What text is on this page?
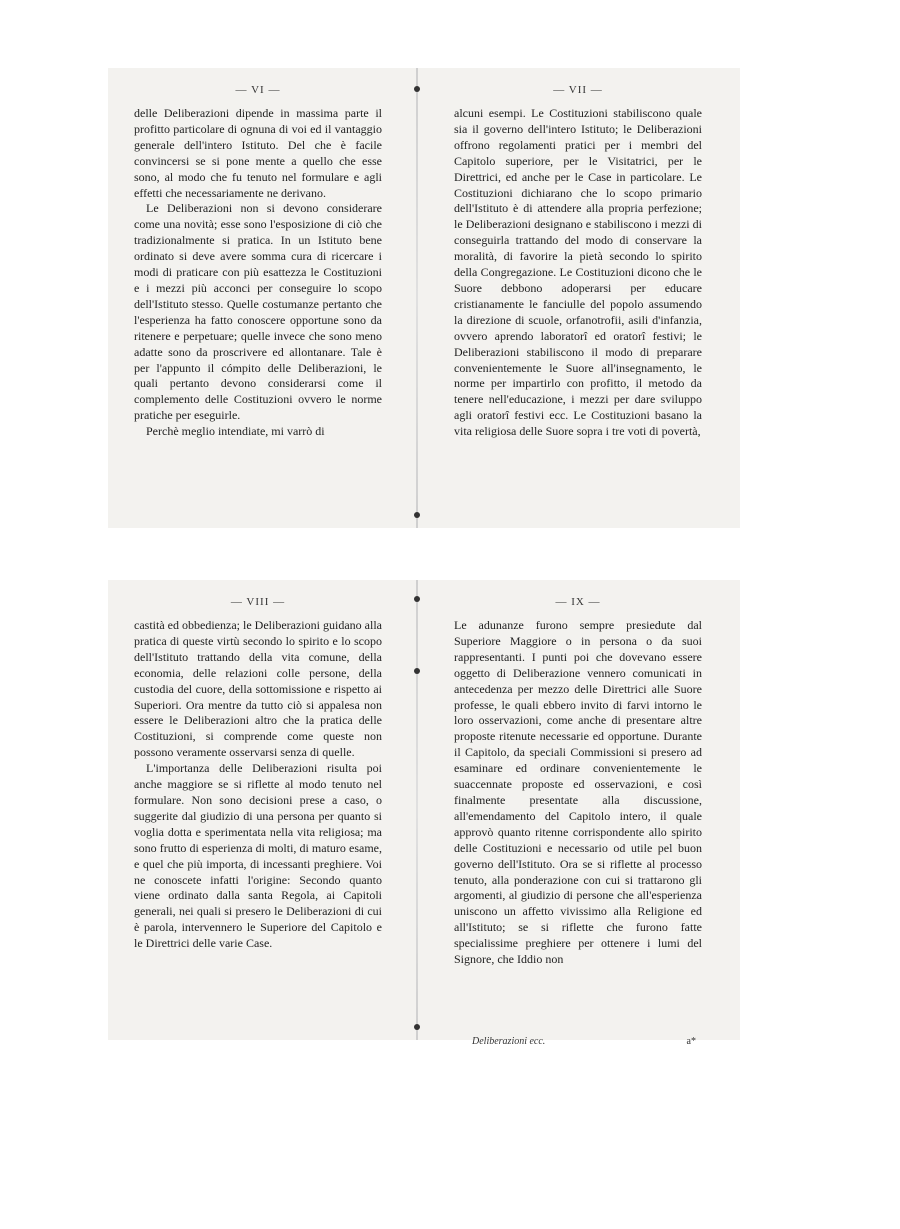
— VI —

delle Deliberazioni dipende in massima parte il profitto particolare di ognuna di voi ed il vantaggio generale dell'intero Istituto. Del che è facile convincersi se si pone mente a quello che esse sono, al modo che fu tenuto nel formulare e agli effetti che necessariamente ne derivano.

Le Deliberazioni non si devono considerare come una novità; esse sono l'esposizione di ciò che tradizionalmente si pratica. In un Istituto bene ordinato si deve avere somma cura di ricercare i modi di praticare con più esattezza le Costituzioni e i mezzi più acconci per conseguire lo scopo dell'Istituto stesso. Quelle costumanze pertanto che l'esperienza ha fatto conoscere opportune sono da ritenere e perpetuare; quelle invece che sono meno adatte sono da proscrivere ed allontanare. Tale è per l'appunto il cómpito delle Deliberazioni, le quali pertanto devono considerarsi come il complemento delle Costituzioni ovvero le norme pratiche per eseguirle.

Perchè meglio intendiate, mi varrò di

— VII —

alcuni esempi. Le Costituzioni stabiliscono quale sia il governo dell'intero Istituto; le Deliberazioni offrono regolamenti pratici per i membri del Capitolo superiore, per le Visitatrici, per le Direttrici, ed anche per le Case in particolare. Le Costituzioni dichiarano che lo scopo primario dell'Istituto è di attendere alla propria perfezione; le Deliberazioni designano e stabiliscono i mezzi di conseguirla trattando del modo di conservare la moralità, di favorire la pietà secondo lo spirito della Congregazione. Le Costituzioni dicono che le Suore debbono adoperarsi per educare cristianamente le fanciulle del popolo assumendo la direzione di scuole, orfanotrofii, asili d'infanzia, ovvero aprendo laboratorî ed oratorî festivi; le Deliberazioni stabiliscono il modo di preparare convenientemente le Suore all'insegnamento, le norme per impartirlo con profitto, il metodo da tenere nell'educazione, i mezzi per dare sviluppo agli oratorî festivi ecc. Le Costituzioni basano la vita religiosa delle Suore sopra i tre voti di povertà,

— VIII —

castità ed obbedienza; le Deliberazioni guidano alla pratica di queste virtù secondo lo spirito e lo scopo dell'Istituto trattando della vita comune, della economia, delle relazioni colle persone, della custodia del cuore, della sottomissione e rispetto ai Superiori. Ora mentre da tutto ciò si appalesa non essere le Deliberazioni altro che la pratica delle Costituzioni, si comprende come queste non possono veramente osservarsi senza di quelle.

L'importanza delle Deliberazioni risulta poi anche maggiore se si riflette al modo tenuto nel formulare. Non sono decisioni prese a caso, o suggerite dal giudizio di una persona per quanto si voglia dotta e sperimentata nella vita religiosa; ma sono frutto di esperienza di molti, di maturo esame, e quel che più importa, di incessanti preghiere. Voi ne conoscete infatti l'origine: Secondo quanto viene ordinato dalla santa Regola, ai Capitoli generali, nei quali si presero le Deliberazioni di cui è parola, intervennero le Superiore del Capitolo e le Direttrici delle varie Case.

— IX —

Le adunanze furono sempre presiedute dal Superiore Maggiore o in persona o da suoi rappresentanti. I punti poi che dovevano essere oggetto di Deliberazione vennero comunicati in antecedenza per mezzo delle Direttrici alle Suore professe, le quali ebbero invito di farvi intorno le loro osservazioni, come anche di presentare altre proposte ritenute necessarie ed opportune. Durante il Capitolo, da speciali Commissioni si presero ad esaminare ed ordinare convenientemente le suaccennate proposte ed osservazioni, e così finalmente presentate alla discussione, all'emendamento del Capitolo intero, il quale approvò quanto ritenne corrispondente allo spirito delle Costituzioni e necessario od utile pel buon governo dell'Istituto. Ora se si riflette al processo tenuto, alla ponderazione con cui si trattarono gli argomenti, al giudizio di persone che all'esperienza uniscono un affetto vivissimo alla Religione ed all'Istituto; se si riflette che furono fatte specialissime preghiere per ottenere i lumi del Signore, che Iddio non

Deliberazioni ecc.	a*
